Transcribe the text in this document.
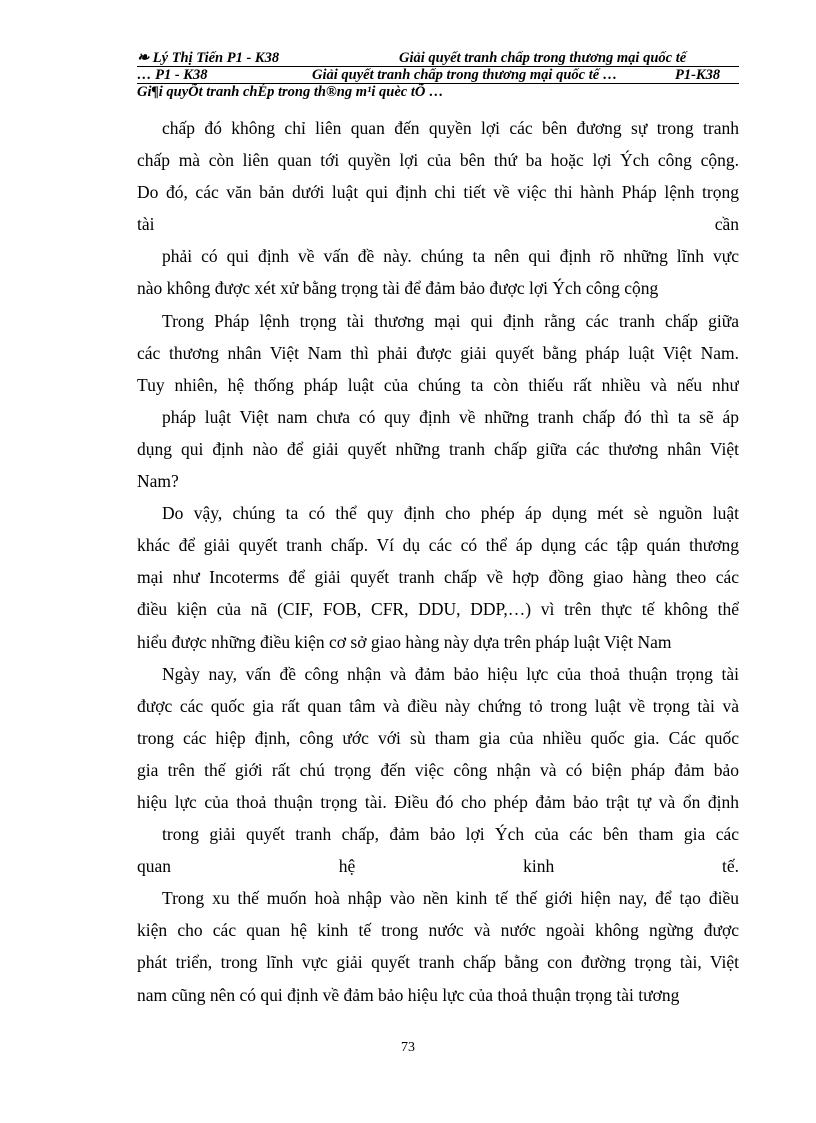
❧ Lý Thị Tiến P1 - K38	Giải quyết tranh chấp trong thương mại quốc tế
… P1 - K38	Giải quyết tranh chấp trong thương mại quốc tế …	P1-K38
Gi¶i quyÕt tranh chÉp trong th®ng m¹i quèc tÕ …
chấp đó không chỉ liên quan đến quyền lợi các bên đương sự trong tranh
chấp mà còn liên quan tới quyền lợi của bên thứ ba hoặc lợi Ých công cộng.
Do đó, các văn bản dưới luật qui định chi tiết về việc thi hành Pháp lệnh trọng
tài cần
phải có qui định về vấn đề này. chúng ta nên qui định rõ những lĩnh vực
nào không được xét xử bằng trọng tài để đảm bảo được lợi Ých công cộng
Trong Pháp lệnh trọng tài thương mại qui định rằng các tranh chấp giữa
các thương nhân Việt Nam thì phải được giải quyết bằng pháp luật Việt Nam.
Tuy nhiên, hệ thống pháp luật của chúng ta còn thiếu rất nhiều và nếu như
pháp luật Việt nam chưa có quy định về những tranh chấp đó thì ta sẽ áp
dụng qui định nào để giải quyết những tranh chấp giữa các thương nhân Việt
Nam?
Do vậy, chúng ta có thể quy định cho phép áp dụng mét sè nguồn luật
khác để giải quyết tranh chấp. Ví dụ các có thể áp dụng các tập quán thương
mại như Incoterms để giải quyết tranh chấp về hợp đồng giao hàng theo các
điều kiện của nã (CIF, FOB, CFR, DDU, DDP,…) vì trên thực tế không thể
hiểu được những điều kiện cơ sở giao hàng này dựa trên pháp luật Việt Nam
Ngày nay, vấn đề công nhận và đảm bảo hiệu lực của thoả thuận trọng tài
được các quốc gia rất quan tâm và điều này chứng tỏ trong luật về trọng tài và
trong các hiệp định, công ước với sù tham gia của nhiều quốc gia. Các quốc
gia trên thế giới rất chú trọng đến việc công nhận và có biện pháp đảm bảo
hiệu lực của thoả thuận trọng tài. Điều đó cho phép đảm bảo trật tự và ổn định
trong giải quyết tranh chấp, đảm bảo lợi Ých của các bên tham gia các
quan hệ kinh tế.
Trong xu thế muốn hoà nhập vào nền kinh tế thế giới hiện nay, để tạo điều
kiện cho các quan hệ kinh tế trong nước và nước ngoài không ngừng được
phát triển, trong lĩnh vực giải quyết tranh chấp bằng con đường trọng tài, Việt
nam cũng nên có qui định về đảm bảo hiệu lực của thoả thuận trọng tài tương
73
